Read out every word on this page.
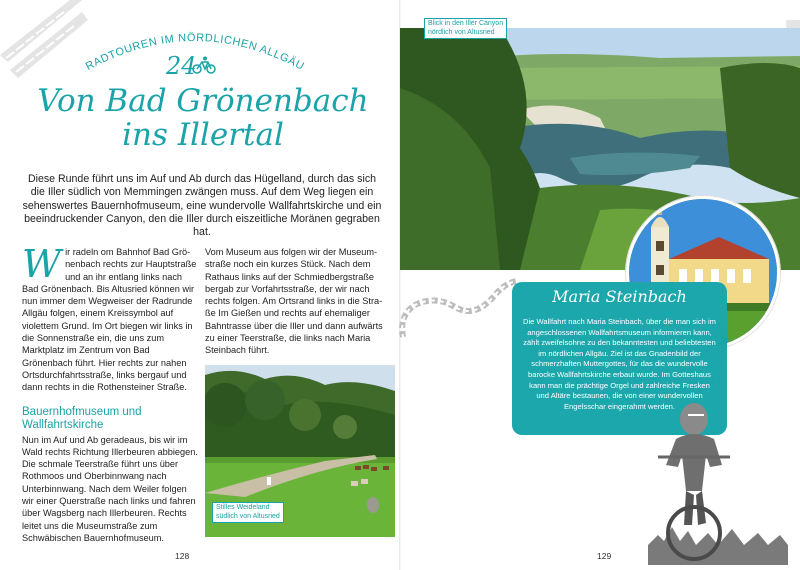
RADTOUREN IM NÖRDLICHEN ALLGÄU
24
Von Bad Grönenbach
ins Illertal
Diese Runde führt uns im Auf und Ab durch das Hügelland, durch das sich die Iller südlich von Memmingen zwängen muss. Auf dem Weg liegen ein sehenswertes Bauernhofmuseum, eine wundervolle Wallfahrtskirche und ein beeindruckender Canyon, den die Iller durch eiszeitliche Moränen gegraben hat.
W ir radeln om Bahnhof Bad Grönenbach rechts zur Hauptstraße und an ihr entlang links nach Bad Grönenbach. Bis Altusried können wir nun immer dem Wegweiser der Radrunde Allgäu folgen, einem Kreissymbol auf violettem Grund. Im Ort biegen wir links in die Sonnenstraße ein, die uns zum Marktplatz im Zentrum von Bad Grönenbach führt. Hier rechts zur nahen Ortsdurchfahrtsstraße, links bergauf und dann rechts in die Rothensteiner Straße.
Bauernhofmuseum und Wallfahrtskirche
Nun im Auf und Ab geradeaus, bis wir im Wald rechts Richtung Illerbeuren abbiegen. Die schmale Teerstraße führt uns über Rothmoos und Oberbinnwang nach Unterbinnwang. Nach dem Weiler folgen wir einer Querstraße nach links und fahren über Wagsberg nach Illerbeuren. Rechts leitet uns die Museumstraße zum Schwäbischen Bauernhofmuseum.
Vom Museum aus folgen wir der Museumstraße noch ein kurzes Stück. Nach dem Rathaus links auf der Schmiedbergstraße bergab zur Vorfahrtsstraße, der wir nach rechts folgen. Am Ortsrand links in die Straße Im Gießen und rechts auf ehemaliger Bahntrasse über die Iller und dann aufwärts zu einer Teerstraße, die links nach Maria Steinbach führt.
Stilles Weideland
südlich von Altusried
128
Blick in den Iller Canyon
nördlich von Altusried
Maria Steinbach
Die Wallfahrt nach Maria Steinbach, über die man sich im angeschlossenen Wallfahrtsmuseum informieren kann, zählt zweifelsohne zu den bekanntesten und beliebtesten im nördlichen Allgäu. Ziel ist das Gnadenbild der schmerzhaften Muttergottes, für das die wundervolle barocke Wallfahrtskirche erbaut wurde. Im Gotteshaus kann man die prächtige Orgel und zahlreiche Fresken und Altäre bestaunen, die von einer wundervollen Engelsschar eingerahmt werden.
129
